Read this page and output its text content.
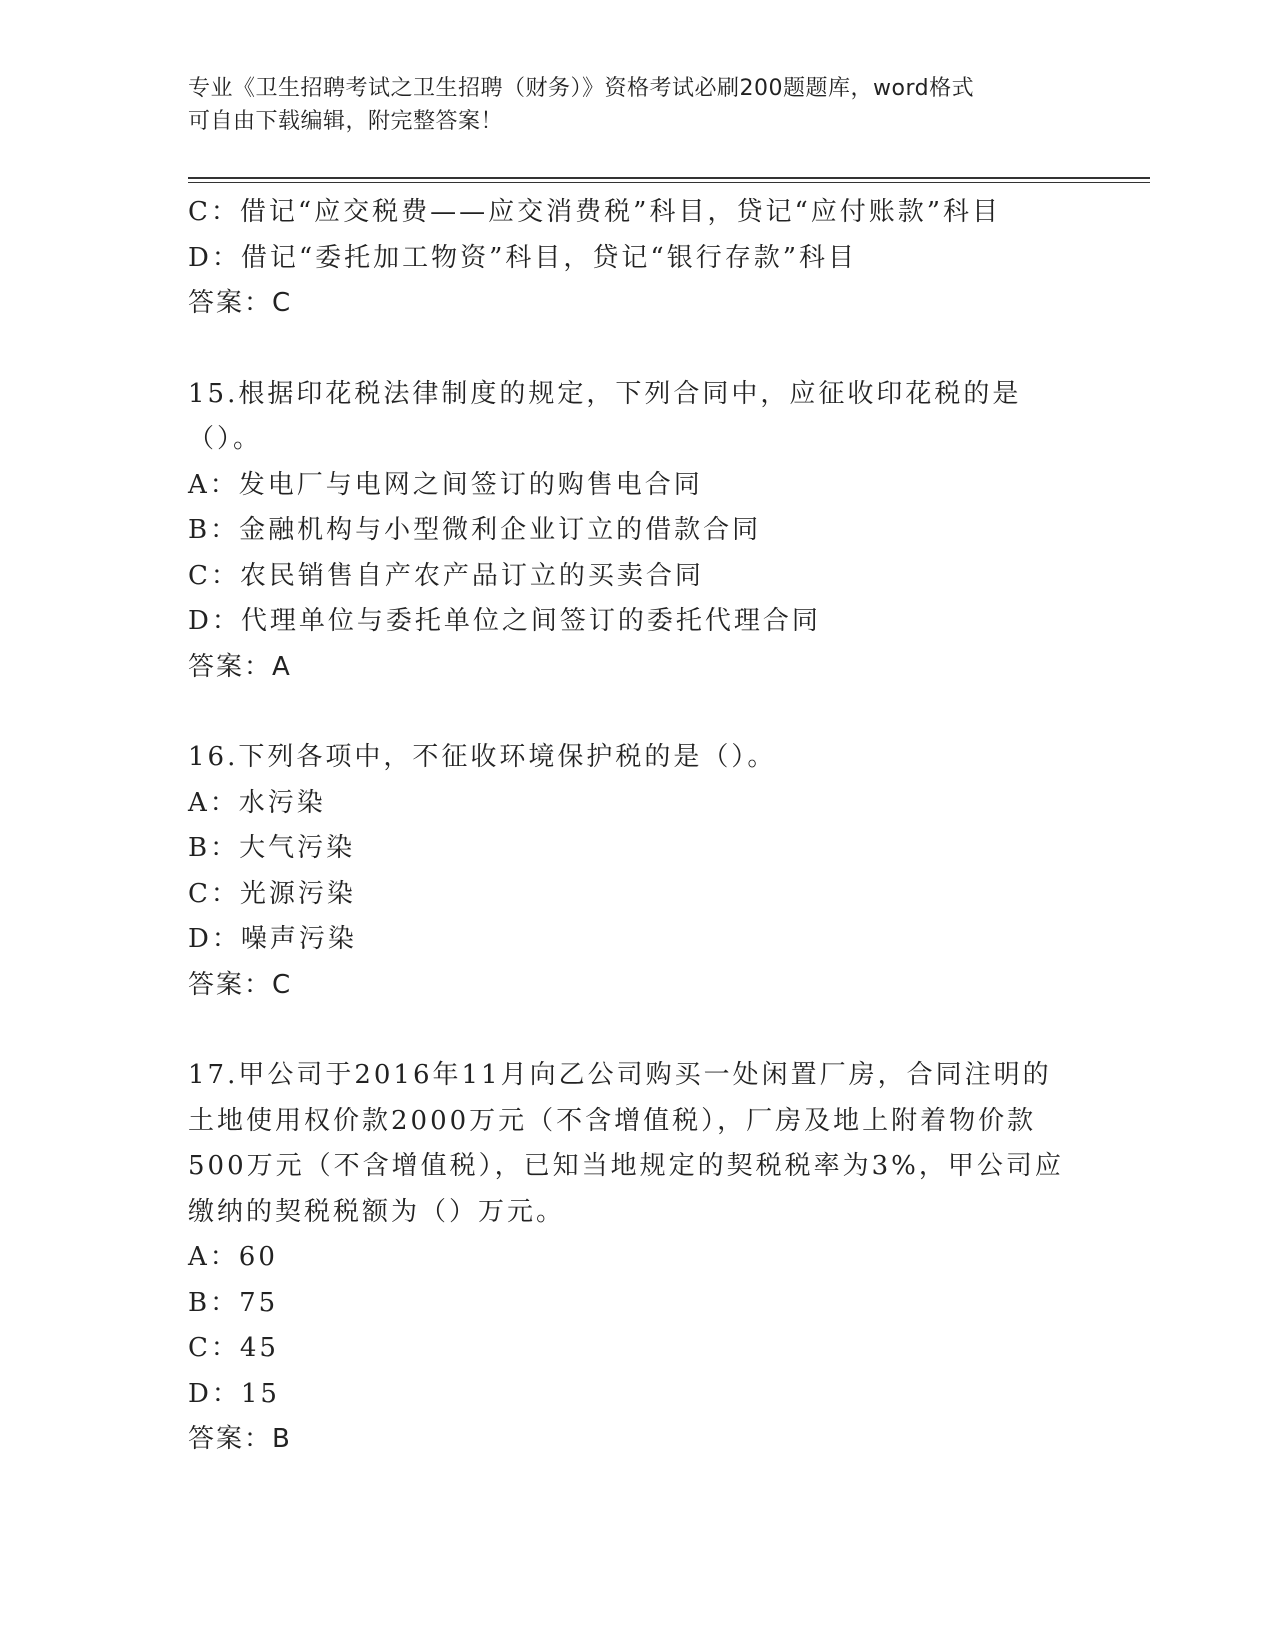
专业《卫生招聘考试之卫生招聘（财务）》资格考试必刷200题题库，word格式
可自由下载编辑，附完整答案！
C：借记“应交税费——应交消费税”科目，贷记“应付账款”科目
D：借记“委托加工物资”科目，贷记“银行存款”科目
答案：C
15.根据印花税法律制度的规定，下列合同中，应征收印花税的是（）。
A：发电厂与电网之间签订的购售电合同
B：金融机构与小型微利企业订立的借款合同
C：农民销售自产农产品订立的买卖合同
D：代理单位与委托单位之间签订的委托代理合同
答案：A
16.下列各项中，不征收环境保护税的是（）。
A：水污染
B：大气污染
C：光源污染
D：噪声污染
答案：C
17.甲公司于2016年11月向乙公司购买一处闲置厂房，合同注明的土地使用权价款2000万元（不含增值税），厂房及地上附着物价款500万元（不含增值税），已知当地规定的契税税率为3%，甲公司应缴纳的契税税额为（）万元。
A：60
B：75
C：45
D：15
答案：B
